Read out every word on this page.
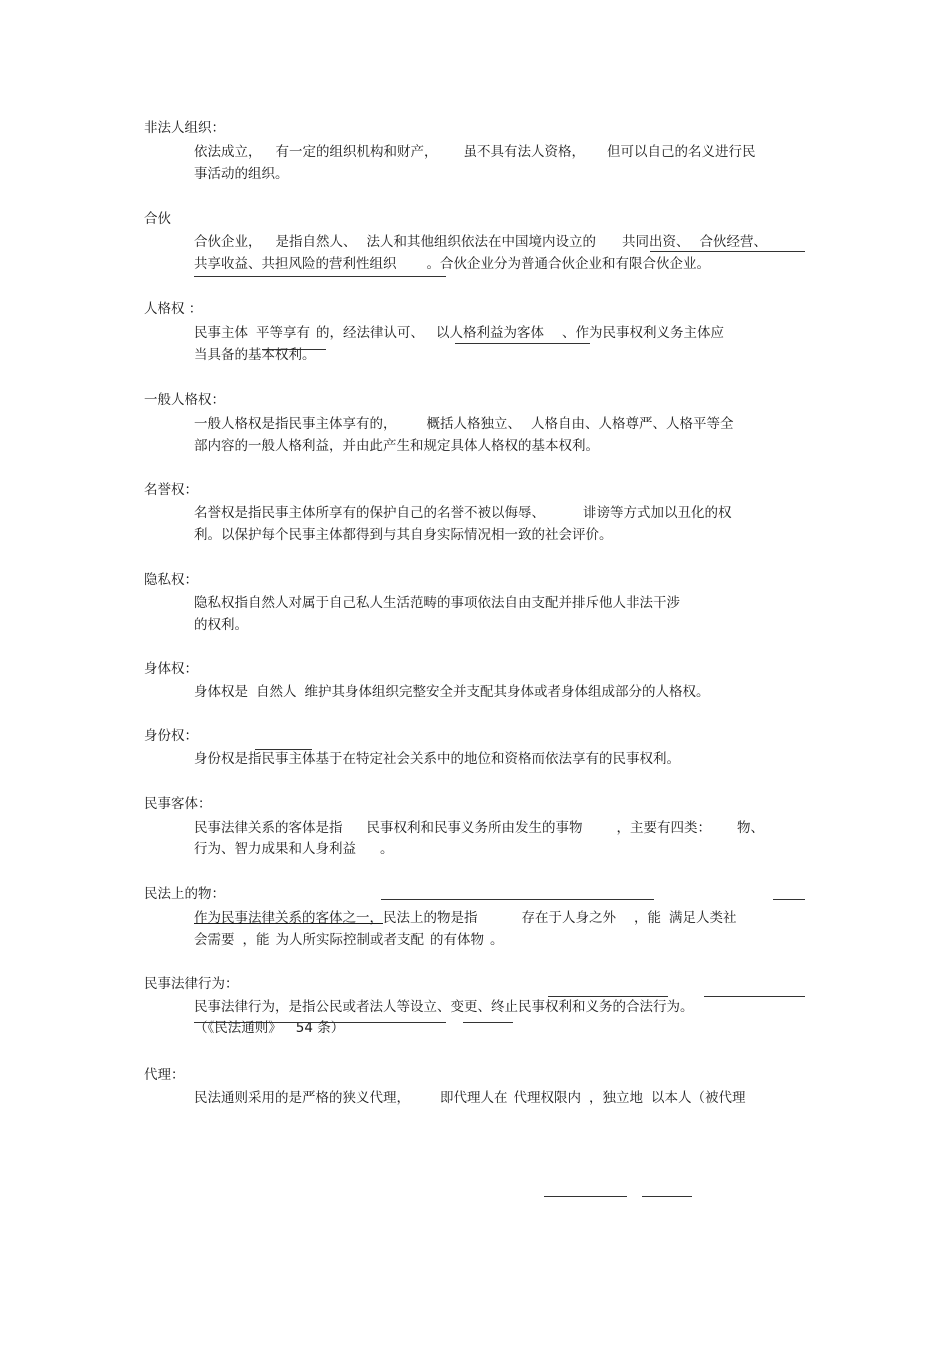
非法人组织：
依法成立， 有一定的组织机构和财产， 虽不具有法人资格， 但可以自己的名义进行民
事活动的组织。
合伙
合伙企业， 是指自然人、 法人和其他组织依法在中国境内设立的 共同出资、 合伙经营、
共享收益、共担风险的营利性组织 。合伙企业分为普通合伙企业和有限合伙企业。
人格权 ：
民事主体 平等享有 的，经法律认可、 以人格利益为客体 、作为民事权利义务主体应
当具备的基本权利。
一般人格权：
一般人格权是指民事主体享有的， 概括人格独立、 人格自由、人格尊严、人格平等全
部内容的一般人格利益，并由此产生和规定具体人格权的基本权利。
名誉权：
名誉权是指民事主体所享有的保护自己的名誉不被以侮辱、	诽谤等方式加以丑化的权
利。以保护每个民事主体都得到与其自身实际情况相一致的社会评价。
隐私权：
隐私权指自然人对属于自己私人生活范畴的事项依法自由支配并排斥他人非法干涉
的权利。
身体权：
身体权是 自然人 维护其身体组织完整安全并支配其身体或者身体组成部分的人格权。
身份权：
身份权是指民事主体基于在特定社会关系中的地位和资格而依法享有的民事权利。
民事客体：
民事法律关系的客体是指 民事权利和民事义务所由发生的事物	，主要有四类： 物、
行为、智力成果和人身利益 。
民法上的物：
作为民事法律关系的客体之一，民法上的物是指	存在于人身之外 ，能 满足人类社
会需要 ，能 为人所实际控制或者支配 的有体物 。
民事法律行为：
民事法律行为，是指公民或者法人等设立、变更、终止民事权利和义务的合法行为。
（《民法通则》 54 条）
代理：
民法通则采用的是严格的狭义代理， 即代理人在 代理权限内 ，独立地 以本人（被代理
